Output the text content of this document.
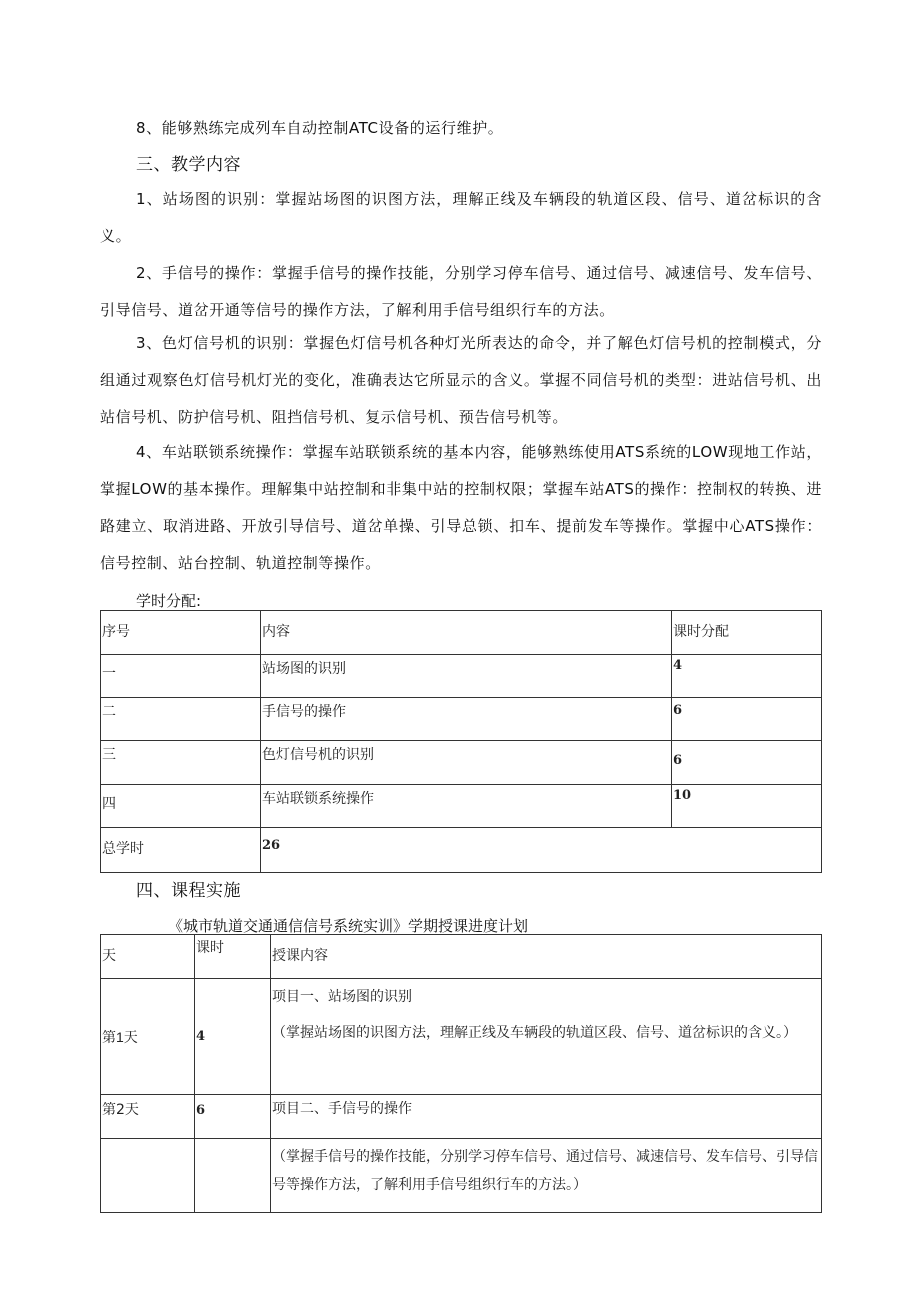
8、能够熟练完成列车自动控制ATC设备的运行维护。

三、教学内容

1、站场图的识别：掌握站场图的识图方法，理解正线及车辆段的轨道区段、信号、道岔标识的含义。

2、手信号的操作：掌握手信号的操作技能，分别学习停车信号、通过信号、减速信号、发车信号、引导信号、道岔开通等信号的操作方法，了解利用手信号组织行车的方法。

3、色灯信号机的识别：掌握色灯信号机各种灯光所表达的命令，并了解色灯信号机的控制模式，分组通过观察色灯信号机灯光的变化，准确表达它所显示的含义。掌握不同信号机的类型：进站信号机、出站信号机、防护信号机、阻挡信号机、复示信号机、预告信号机等。

4、车站联锁系统操作：掌握车站联锁系统的基本内容，能够熟练使用ATS系统的LOW现地工作站，掌握LOW的基本操作。理解集中站控制和非集中站的控制权限；掌握车站ATS的操作：控制权的转换、进路建立、取消进路、开放引导信号、道岔单操、引导总锁、扣车、提前发车等操作。掌握中心ATS操作：信号控制、站台控制、轨道控制等操作。

学时分配:

序号	内容	课时分配
一	站场图的识别	4
二	手信号的操作	6
三	色灯信号机的识别	6
四	车站联锁系统操作	10
总学时	26	

四、课程实施

《城市轨道交通通信信号系统实训》学期授课进度计划

天	课时	授课内容
第1天	4	项目一、站场图的识别
（掌握站场图的识图方法，理解正线及车辆段的轨道区段、信号、道岔标识的含义。）

第2天	6	项目二、手信号的操作

		（掌握手信号的操作技能，分别学习停车信号、通过信号、减速信号、发车信号、引导信号等操作方法，了解利用手信号组织行车的方法。）
